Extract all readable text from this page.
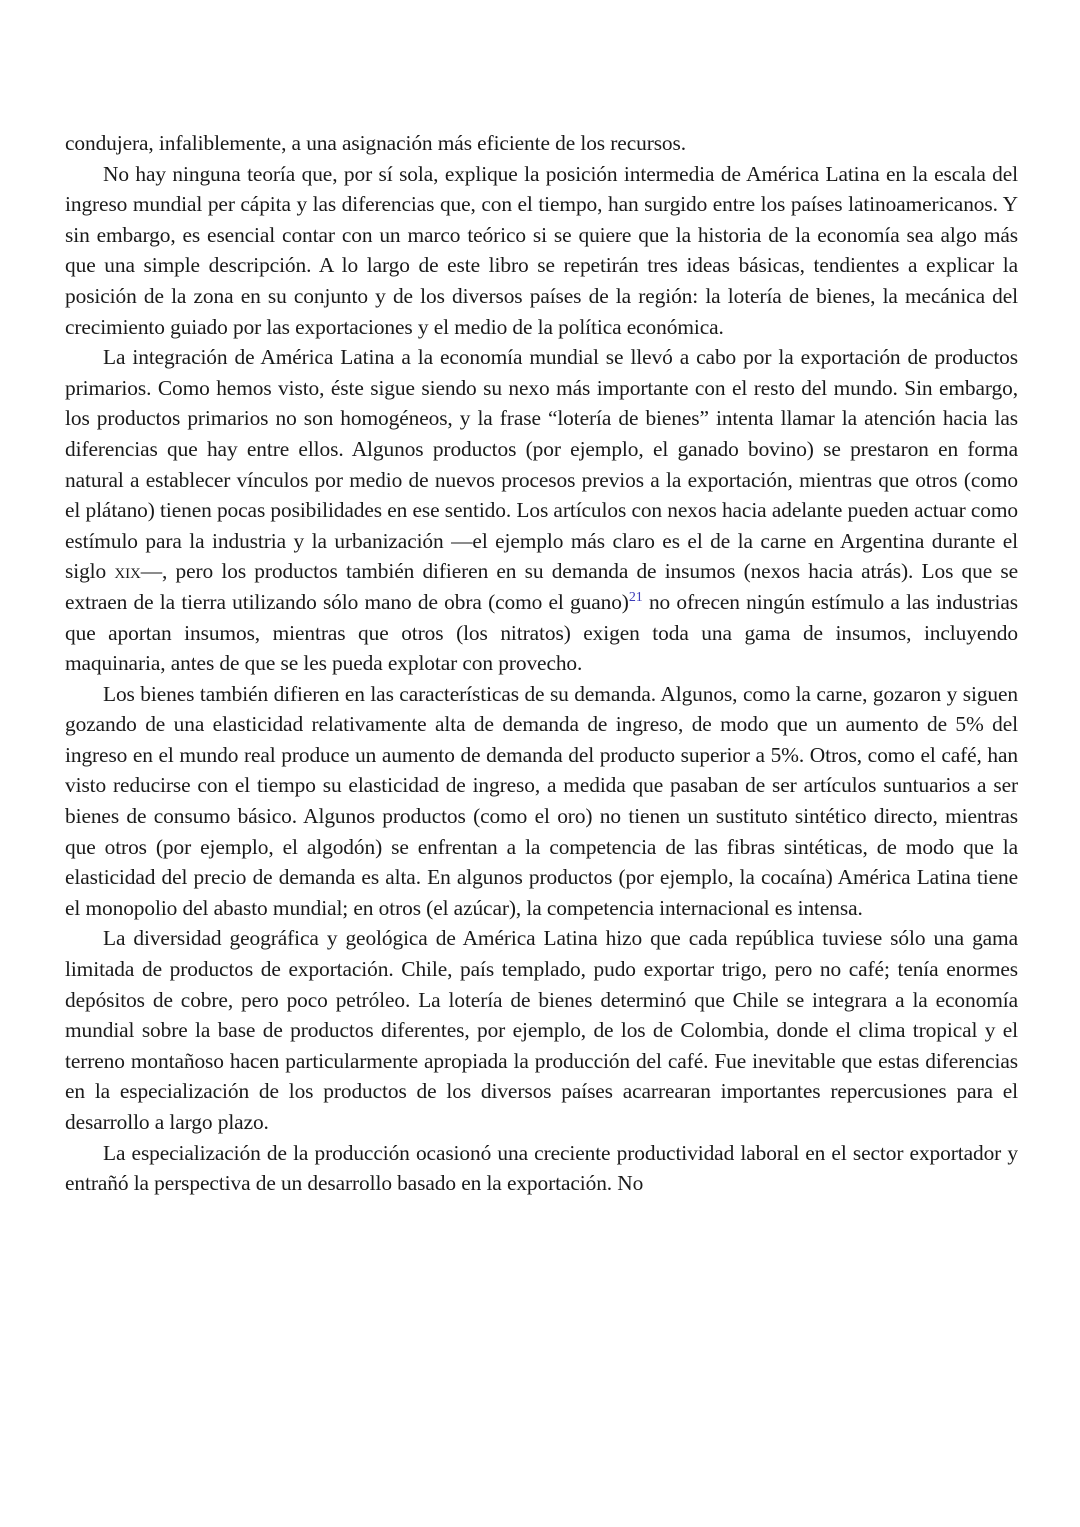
condujera, infaliblemente, a una asignación más eficiente de los recursos.

No hay ninguna teoría que, por sí sola, explique la posición intermedia de América Latina en la escala del ingreso mundial per cápita y las diferencias que, con el tiempo, han surgido entre los países latinoamericanos. Y sin embargo, es esencial contar con un marco teórico si se quiere que la historia de la economía sea algo más que una simple descripción. A lo largo de este libro se repetirán tres ideas básicas, tendientes a explicar la posición de la zona en su conjunto y de los diversos países de la región: la lotería de bienes, la mecánica del crecimiento guiado por las exportaciones y el medio de la política económica.

La integración de América Latina a la economía mundial se llevó a cabo por la exportación de productos primarios. Como hemos visto, éste sigue siendo su nexo más importante con el resto del mundo. Sin embargo, los productos primarios no son homogéneos, y la frase “lotería de bienes” intenta llamar la atención hacia las diferencias que hay entre ellos. Algunos productos (por ejemplo, el ganado bovino) se prestaron en forma natural a establecer vínculos por medio de nuevos procesos previos a la exportación, mientras que otros (como el plátano) tienen pocas posibilidades en ese sentido. Los artículos con nexos hacia adelante pueden actuar como estímulo para la industria y la urbanización —el ejemplo más claro es el de la carne en Argentina durante el siglo xix—, pero los productos también difieren en su demanda de insumos (nexos hacia atrás). Los que se extraen de la tierra utilizando sólo mano de obra (como el guano)$^{21}$ no ofrecen ningún estímulo a las industrias que aportan insumos, mientras que otros (los nitratos) exigen toda una gama de insumos, incluyendo maquinaria, antes de que se les pueda explotar con provecho.

Los bienes también difieren en las características de su demanda. Algunos, como la carne, gozaron y siguen gozando de una elasticidad relativamente alta de demanda de ingreso, de modo que un aumento de 5% del ingreso en el mundo real produce un aumento de demanda del producto superior a 5%. Otros, como el café, han visto reducirse con el tiempo su elasticidad de ingreso, a medida que pasaban de ser artículos suntuarios a ser bienes de consumo básico. Algunos productos (como el oro) no tienen un sustituto sintético directo, mientras que otros (por ejemplo, el algodón) se enfrentan a la competencia de las fibras sintéticas, de modo que la elasticidad del precio de demanda es alta. En algunos productos (por ejemplo, la cocaína) América Latina tiene el monopolio del abasto mundial; en otros (el azúcar), la competencia internacional es intensa.

La diversidad geográfica y geológica de América Latina hizo que cada república tuviese sólo una gama limitada de productos de exportación. Chile, país templado, pudo exportar trigo, pero no café; tenía enormes depósitos de cobre, pero poco petróleo. La lotería de bienes determinó que Chile se integrara a la economía mundial sobre la base de productos diferentes, por ejemplo, de los de Colombia, donde el clima tropical y el terreno montañoso hacen particularmente apropiada la producción del café. Fue inevitable que estas diferencias en la especialización de los productos de los diversos países acarrearan importantes repercusiones para el desarrollo a largo plazo.

La especialización de la producción ocasionó una creciente productividad laboral en el sector exportador y entrañó la perspectiva de un desarrollo basado en la exportación. No
